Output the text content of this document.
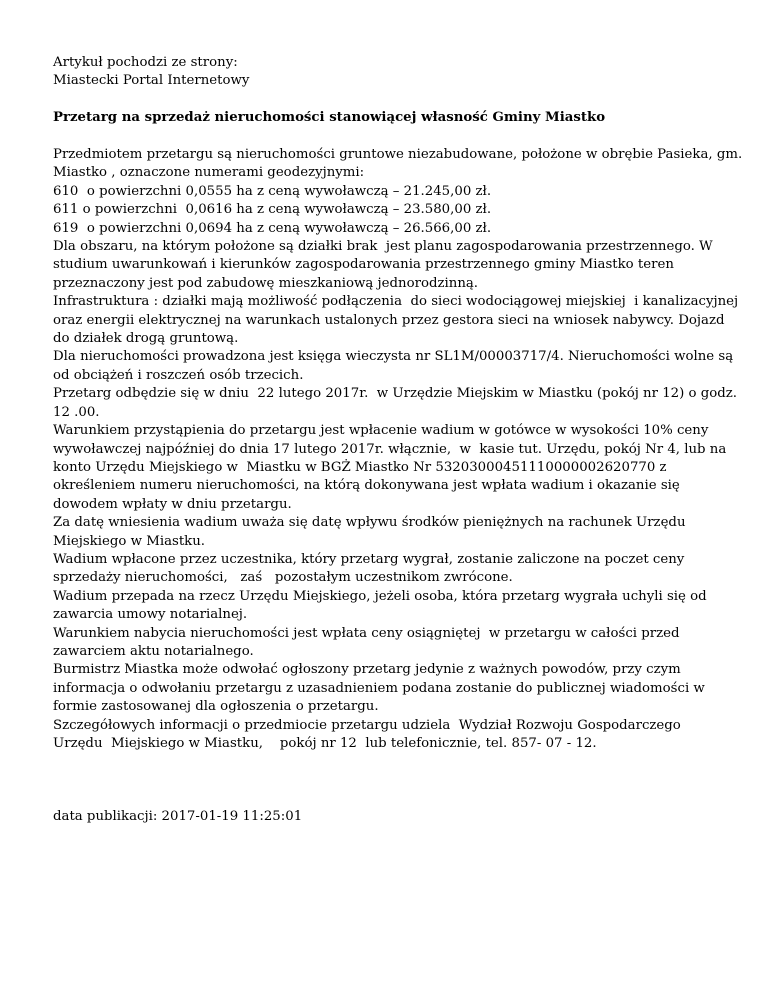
Artykuł pochodzi ze strony:
Miastecki Portal Internetowy
Przetarg na sprzedaż nieruchomości stanowiącej własność Gminy Miastko
Przedmiotem przetargu są nieruchomości gruntowe niezabudowane, położone w obrębie Pasieka, gm.
Miastko , oznaczone numerami geodezyjnymi:
610  o powierzchni 0,0555 ha z ceną wywoławczą – 21.245,00 zł.
611 o powierzchni  0,0616 ha z ceną wywoławczą – 23.580,00 zł.
619  o powierzchni 0,0694 ha z ceną wywoławczą – 26.566,00 zł.
Dla obszaru, na którym położone są działki brak  jest planu zagospodarowania przestrzennego. W
studium uwarunkowań i kierunków zagospodarowania przestrzennego gminy Miastko teren
przeznaczony jest pod zabudowę mieszkaniową jednorodzinną.
Infrastruktura : działki mają możliwość podłączenia  do sieci wodociągowej miejskiej  i kanalizacyjnej
oraz energii elektrycznej na warunkach ustalonych przez gestora sieci na wniosek nabywcy. Dojazd
do działek drogą gruntową.
Dla nieruchomości prowadzona jest księga wieczysta nr SL1M/00003717/4. Nieruchomości wolne są
od obciążeń i roszczeń osób trzecich.
Przetarg odbędzie się w dniu  22 lutego 2017r.  w Urzędzie Miejskim w Miastku (pokój nr 12) o godz.
12 .00.
Warunkiem przystąpienia do przetargu jest wpłacenie wadium w gotówce w wysokości 10% ceny
wywoławczej najpóźniej do dnia 17 lutego 2017r. włącznie,  w  kasie tut. Urzędu, pokój Nr 4, lub na
konto Urzędu Miejskiego w  Miastku w BGŻ Miastko Nr 53203000451110000002620770 z
określeniem numeru nieruchomości, na którą dokonywana jest wpłata wadium i okazanie się
dowodem wpłaty w dniu przetargu.
Za datę wniesienia wadium uważa się datę wpływu środków pieniężnych na rachunek Urzędu
Miejskiego w Miastku.
Wadium wpłacone przez uczestnika, który przetarg wygrał, zostanie zaliczone na poczet ceny
sprzedaży nieruchomości,   zaś   pozostałym uczestnikom zwrócone.
Wadium przepada na rzecz Urzędu Miejskiego, jeżeli osoba, która przetarg wygrała uchyli się od
zawarcia umowy notarialnej.
Warunkiem nabycia nieruchomości jest wpłata ceny osiągniętej  w przetargu w całości przed
zawarciem aktu notarialnego.
Burmistrz Miastka może odwołać ogłoszony przetarg jedynie z ważnych powodów, przy czym
informacja o odwołaniu przetargu z uzasadnieniem podana zostanie do publicznej wiadomości w
formie zastosowanej dla ogłoszenia o przetargu.
Szczegółowych informacji o przedmiocie przetargu udziela  Wydział Rozwoju Gospodarczego
Urzędu  Miejskiego w Miastku,    pokój nr 12  lub telefonicznie, tel. 857- 07 - 12.
data publikacji: 2017-01-19 11:25:01
